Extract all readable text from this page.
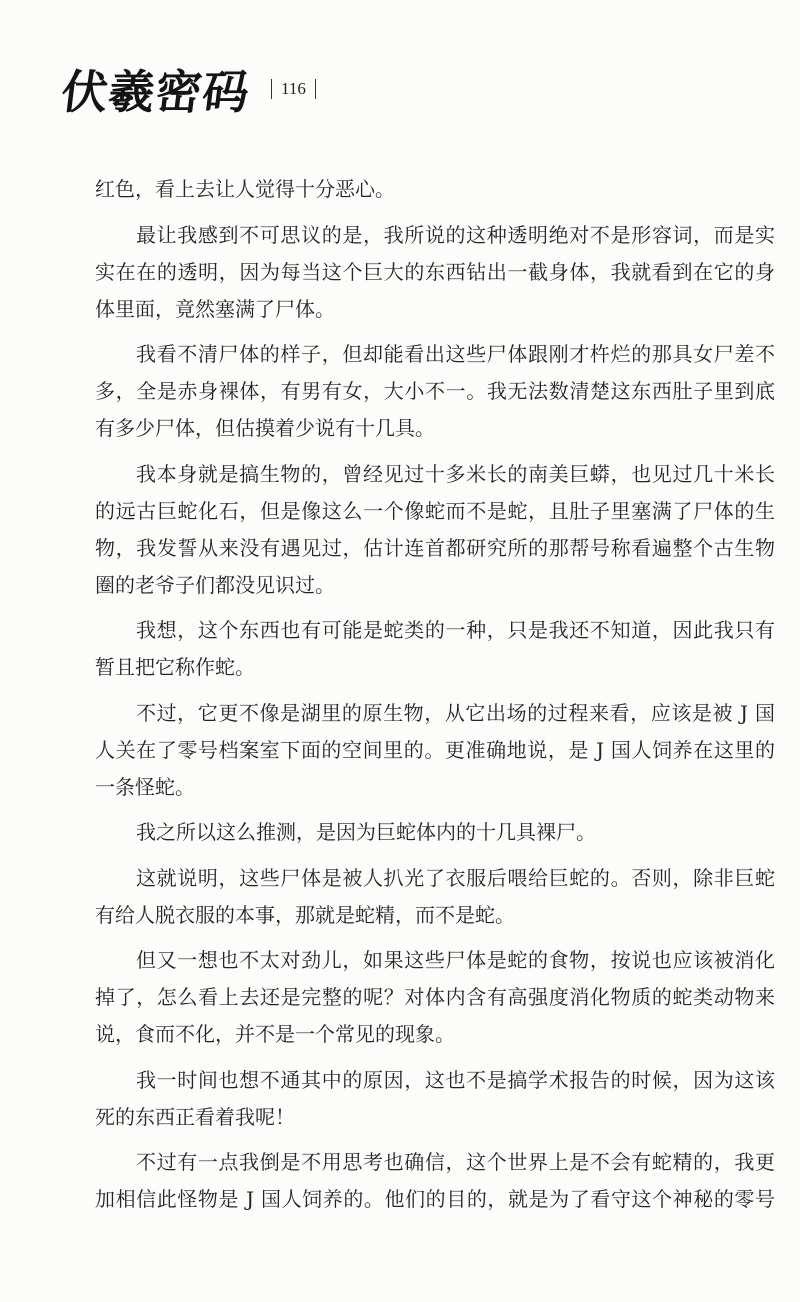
伏羲密码	116
红色，看上去让人觉得十分恶心。
最让我感到不可思议的是，我所说的这种透明绝对不是形容词，而是实
实在在的透明，因为每当这个巨大的东西钻出一截身体，我就看到在它的身
体里面，竟然塞满了尸体。
我看不清尸体的样子，但却能看出这些尸体跟刚才杵烂的那具女尸差不
多，全是赤身裸体，有男有女，大小不一。我无法数清楚这东西肚子里到底
有多少尸体，但估摸着少说有十几具。
我本身就是搞生物的，曾经见过十多米长的南美巨蟒，也见过几十米长
的远古巨蛇化石，但是像这么一个像蛇而不是蛇，且肚子里塞满了尸体的生
物，我发誓从来没有遇见过，估计连首都研究所的那帮号称看遍整个古生物
圈的老爷子们都没见识过。
我想，这个东西也有可能是蛇类的一种，只是我还不知道，因此我只有
暂且把它称作蛇。
不过，它更不像是湖里的原生物，从它出场的过程来看，应该是被 J 国
人关在了零号档案室下面的空间里的。更准确地说，是 J 国人饲养在这里的
一条怪蛇。
我之所以这么推测，是因为巨蛇体内的十几具裸尸。
这就说明，这些尸体是被人扒光了衣服后喂给巨蛇的。否则，除非巨蛇
有给人脱衣服的本事，那就是蛇精，而不是蛇。
但又一想也不太对劲儿，如果这些尸体是蛇的食物，按说也应该被消化
掉了，怎么看上去还是完整的呢？对体内含有高强度消化物质的蛇类动物来
说，食而不化，并不是一个常见的现象。
我一时间也想不通其中的原因，这也不是搞学术报告的时候，因为这该
死的东西正看着我呢！
不过有一点我倒是不用思考也确信，这个世界上是不会有蛇精的，我更
加相信此怪物是 J 国人饲养的。他们的目的，就是为了看守这个神秘的零号
